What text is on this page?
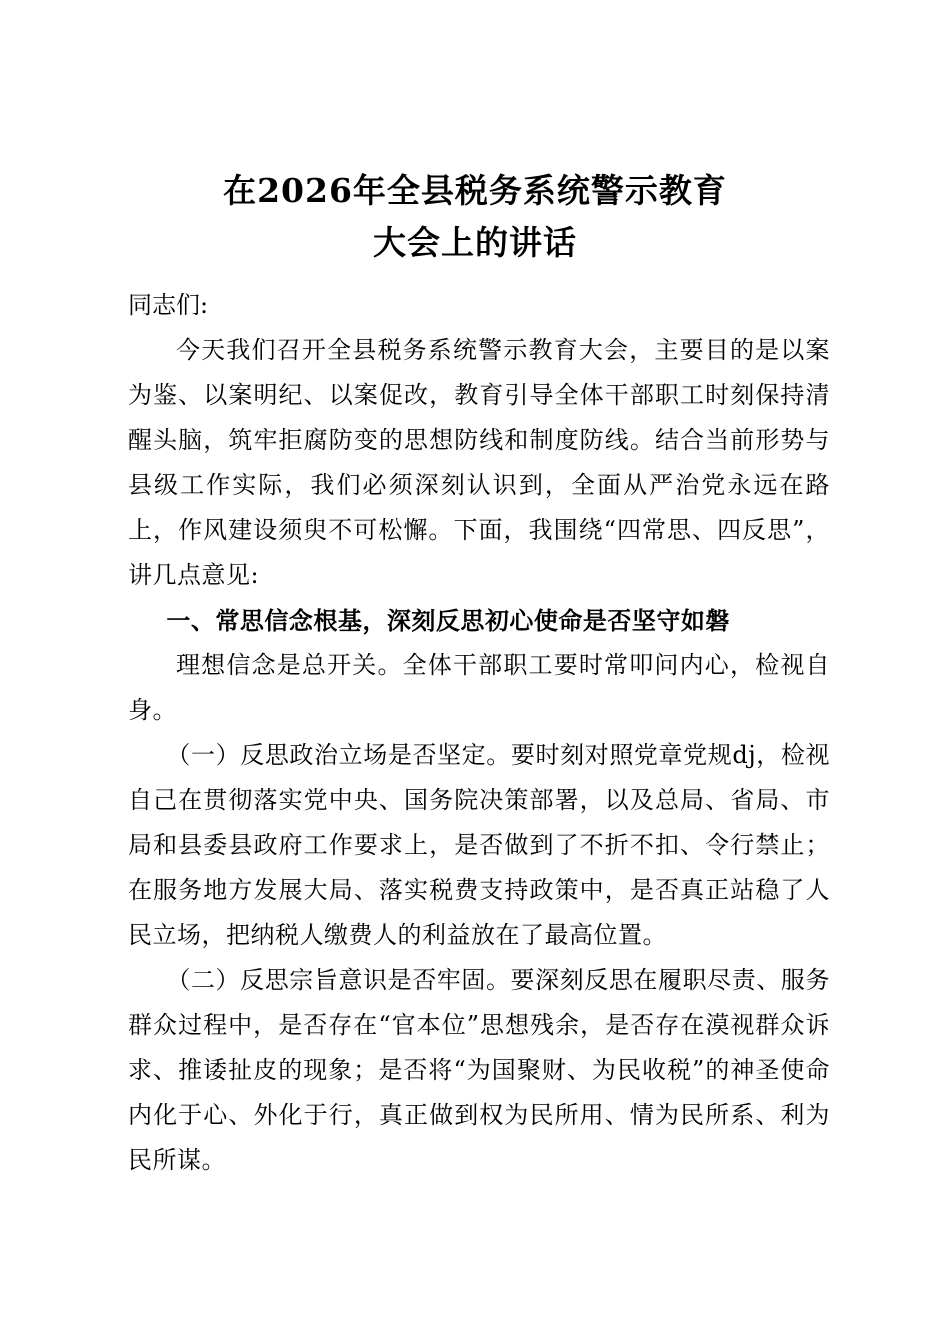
在2026年全县税务系统警示教育

大会上的讲话

同志们:

今天我们召开全县税务系统警示教育大会，主要目的是以案为鉴、以案明纪、以案促改，教育引导全体干部职工时刻保持清醒头脑，筑牢拒腐防变的思想防线和制度防线。结合当前形势与县级工作实际，我们必须深刻认识到，全面从严治党永远在路上，作风建设须臾不可松懈。下面，我围绕“四常思、四反思”，讲几点意见:

一、常思信念根基，深刻反思初心使命是否坚守如磐

理想信念是总开关。全体干部职工要时常叩问内心，检视自身。

（一）反思政治立场是否坚定。要时刻对照党章党规dj，检视自己在贯彻落实党中央、国务院决策部署，以及总局、省局、市局和县委县政府工作要求上，是否做到了不折不扣、令行禁止；在服务地方发展大局、落实税费支持政策中，是否真正站稳了人民立场，把纳税人缴费人的利益放在了最高位置。

（二）反思宗旨意识是否牢固。要深刻反思在履职尽责、服务群众过程中，是否存在“官本位”思想残余，是否存在漠视群众诉求、推诿扯皮的现象；是否将“为国聚财、为民收税”的神圣使命内化于心、外化于行，真正做到权为民所用、情为民所系、利为民所谋。
